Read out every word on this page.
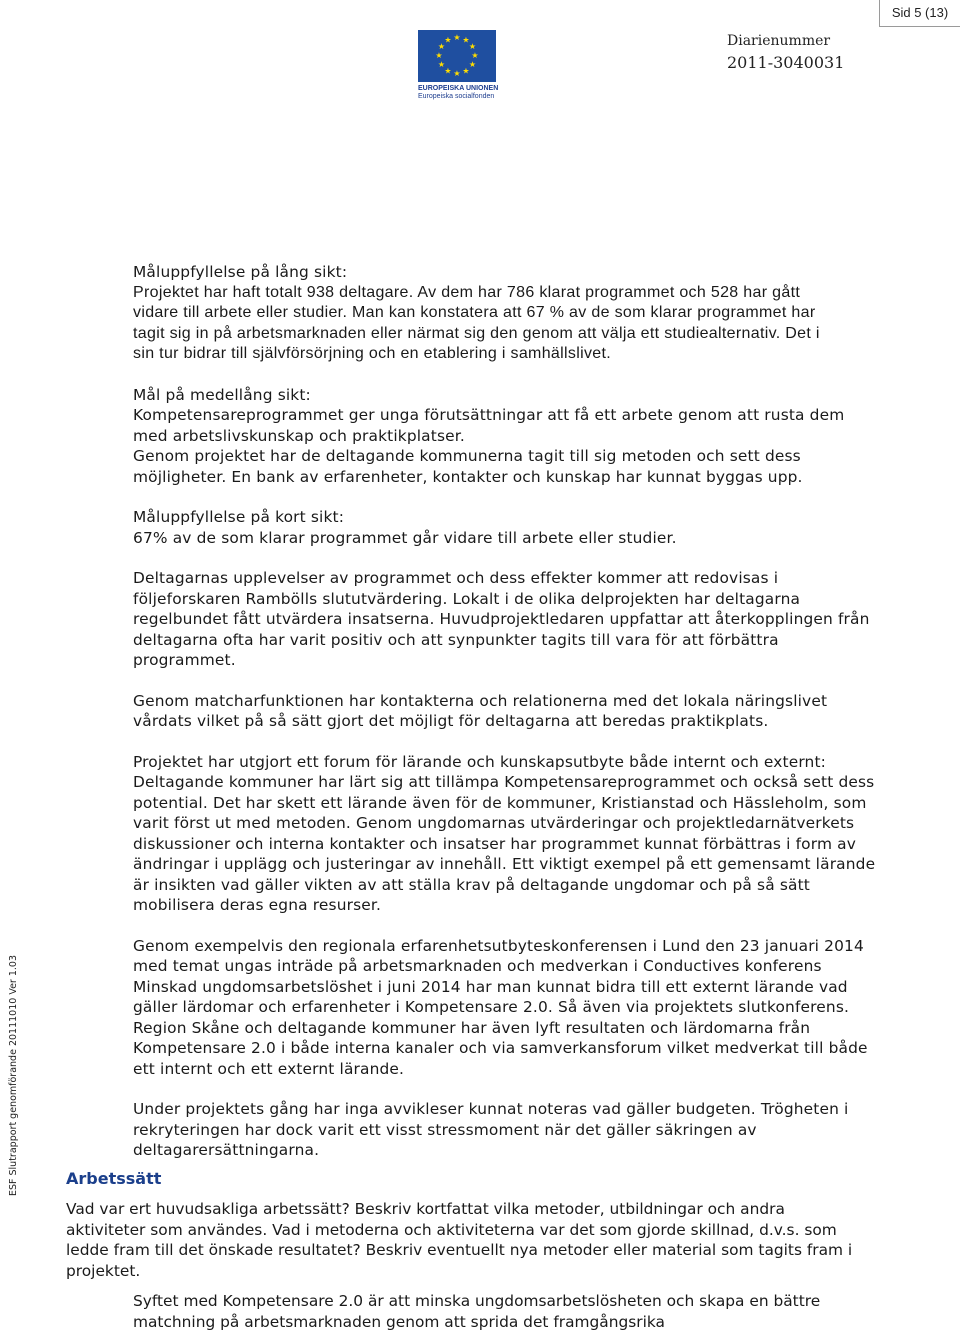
Sid 5 (13)
★ ★
★
★
★
★
★
★
★
★
★
★
EUROPEISKA UNIONEN
Europeiska socialfonden
Diarienummer
2011-3040031
ESF Slutrapport genomförande 20111010 Ver 1.03

Måluppfyllelse på lång sikt:

Projektet har haft totalt 938 deltagare. Av dem har 786 klarat programmet och 528 har gått
vidare till arbete eller studier. Man kan konstatera att 67 % av de som klarar programmet har
tagit sig in på arbetsmarknaden eller närmat sig den genom att välja ett studiealternativ. Det i
sin tur bidrar till självförsörjning och en etablering i samhällslivet.

Mål på medellång sikt:
Kompetensareprogrammet ger unga förutsättningar att få ett arbete genom att rusta dem
med arbetslivskunskap och praktikplatser.
Genom projektet har de deltagande kommunerna tagit till sig metoden och sett dess
möjligheter. En bank av erfarenheter, kontakter och kunskap har kunnat byggas upp.

Måluppfyllelse på kort sikt:
67% av de som klarar programmet går vidare till arbete eller studier.

Deltagarnas upplevelser av programmet och dess effekter kommer att redovisas i
följeforskaren Rambölls slututvärdering. Lokalt i de olika delprojekten har deltagarna
regelbundet fått utvärdera insatserna. Huvudprojektledaren uppfattar att återkopplingen från
deltagarna ofta har varit positiv och att synpunkter tagits till vara för att förbättra
programmet.

Genom matcharfunktionen har kontakterna och relationerna med det lokala näringslivet
vårdats vilket på så sätt gjort det möjligt för deltagarna att beredas praktikplats.

Projektet har utgjort ett forum för lärande och kunskapsutbyte både internt och externt:
Deltagande kommuner har lärt sig att tillämpa Kompetensareprogrammet och också sett dess
potential. Det har skett ett lärande även för de kommuner, Kristianstad och Hässleholm, som
varit först ut med metoden. Genom ungdomarnas utvärderingar och projektledarnätverkets
diskussioner och interna kontakter och insatser har programmet kunnat förbättras i form av
ändringar i upplägg och justeringar av innehåll. Ett viktigt exempel på ett gemensamt lärande
är insikten vad gäller vikten av att ställa krav på deltagande ungdomar och på så sätt
mobilisera deras egna resurser.

Genom exempelvis den regionala erfarenhetsutbyteskonferensen i Lund den 23 januari 2014
med temat ungas inträde på arbetsmarknaden och medverkan i Conductives konferens
Minskad ungdomsarbetslöshet i juni 2014 har man kunnat bidra till ett externt lärande vad
gäller lärdomar och erfarenheter i Kompetensare 2.0. Så även via projektets slutkonferens.
Region Skåne och deltagande kommuner har även lyft resultaten och lärdomarna från
Kompetensare 2.0 i både interna kanaler och via samverkansforum vilket medverkat till både
ett internt och ett externt lärande.

Under projektets gång har inga avvikleser kunnat noteras vad gäller budgeten. Trögheten i
rekryteringen har dock varit ett visst stressmoment när det gäller säkringen av
deltagarersättningarna.

Arbetssätt

Vad var ert huvudsakliga arbetssätt? Beskriv kortfattat vilka metoder, utbildningar och andra
aktiviteter som användes. Vad i metoderna och aktiviteterna var det som gjorde skillnad, d.v.s. som
ledde fram till det önskade resultatet? Beskriv eventuellt nya metoder eller material som tagits fram i
projektet.

Syftet med Kompetensare 2.0 är att minska ungdomsarbetslösheten och skapa en bättre
matchning på arbetsmarknaden genom att sprida det framgångsrika
